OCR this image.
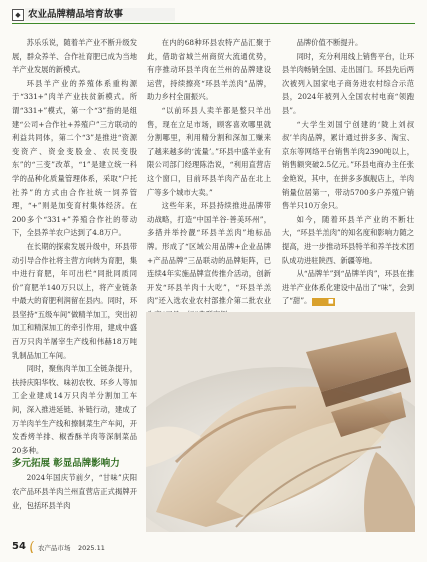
◆ 农业品牌精品培育故事

苏乐乐说，随着羊产业不断升级发展，群众养羊、合作社育肥已成为当地羊产业发展的新模式。

环县羊产业的养殖体系重构源于“331+”肉羊产业扶贫新模式。所谓“331+”模式，第一个“3”指的是组建“公司+合作社+养殖户”三方联动的利益共同体，第二个“3”是推进“资源变资产、资金变股金、农民变股东”的“三变”改革，“1”是建立统一科学的品种化质量管理体系，采取“户托社养”的方式由合作社统一饲养管理，“+”则是加变育村集体经济。在200多个“331+”养殖合作社的带动下，全县养羊农户达到了4.8万户。

在长期的探索发展升级中，环县带动引导合作社将主营方向转为育肥，集中进行育肥，年可出栏“同批同质同价”育肥羊140万只以上，将产业链条中最大的育肥利润留在县内。同时，环县坚持“五级车间”做精羊加工，突出初加工和精深加工的牵引作用，建成中盛百万只肉羊屠宰生产线和伟赫18万吨乳制品加工车间。

同时，聚焦肉羊加工全链条提升，扶持庆阳华牧、味初农牧、环乡人等加工企业建成14万只肉羊分割加工车间，深入推进延链、补链行动，建成了万羊肉羊生产线和擦制菜生产车间，开发香烤羊排、椒香酥羊肉等深制菜品20多种。

多元拓展 彰显品牌影响力

2024年国庆节前夕，“甘味”庆阳农产品环县羊肉兰州直营店正式揭牌开业，包括环县羊肉

在内的68种环县农特产品汇聚于此，借助省城兰州商贸大流通优势，有序推动环县羊肉在兰州的品牌建设运营，持续擦亮“环县羊羔肉”品牌，助力乡村全面振兴。

“以前环县人卖羊都是整只羊出售，现在立足市场，顾客喜欢哪里就分割哪里，利用精分割和深加工赚来了越来越多的‘流量’。”环县中盛羊业有限公司部门经理陈浩说，“利用直营店这个窗口，目前环县羊肉产品在北上广等多个城市大卖。”

这些年来，环县持续推进品牌带动战略，打造“中国羊谷·善美环州”，多措并举拎靓“环县羊羔肉”地标品牌。形成了“区域公用品牌+企业品牌+产品品牌”三品联动的品牌矩阵，已连续4年实施品牌宣传推介活动，创新开发“环县羊肉十大吃”，“环县羊羔肉”还入选农业农村部推介第二批农业

品牌价值不断提升。

同时，充分利用线上销售平台，让环县羊肉畅销全国、走出国门。环县先后两次被列入国家电子商务进农村综合示范县，2024年被列入全国农村电商“领跑县”。

“大学生刘国宁创建的‘陇上刘叔叔’羊肉品牌，累计通过拼多多、淘宝、京东等网络平台销售羊肉2390吨以上，销售额突破2.5亿元。”环县电商办主任张金艳说，其中，在拼多多旗舰店上，羊肉销量位居第一，带动5700多户养殖户销售羊只10万余只。

如今，随着环县羊产业的不断壮大，“环县羊羔肉”的知名度和影响力随之提高，进一步推动环县特羊和养羊技术团队成功进驻陕西、新疆等地。

从“品牌羊”到“品牌羊肉”，环县在推进羊产业体系化建设中品出了“味”，会到了“甜”。	■

54 农产品市场 2025.11
